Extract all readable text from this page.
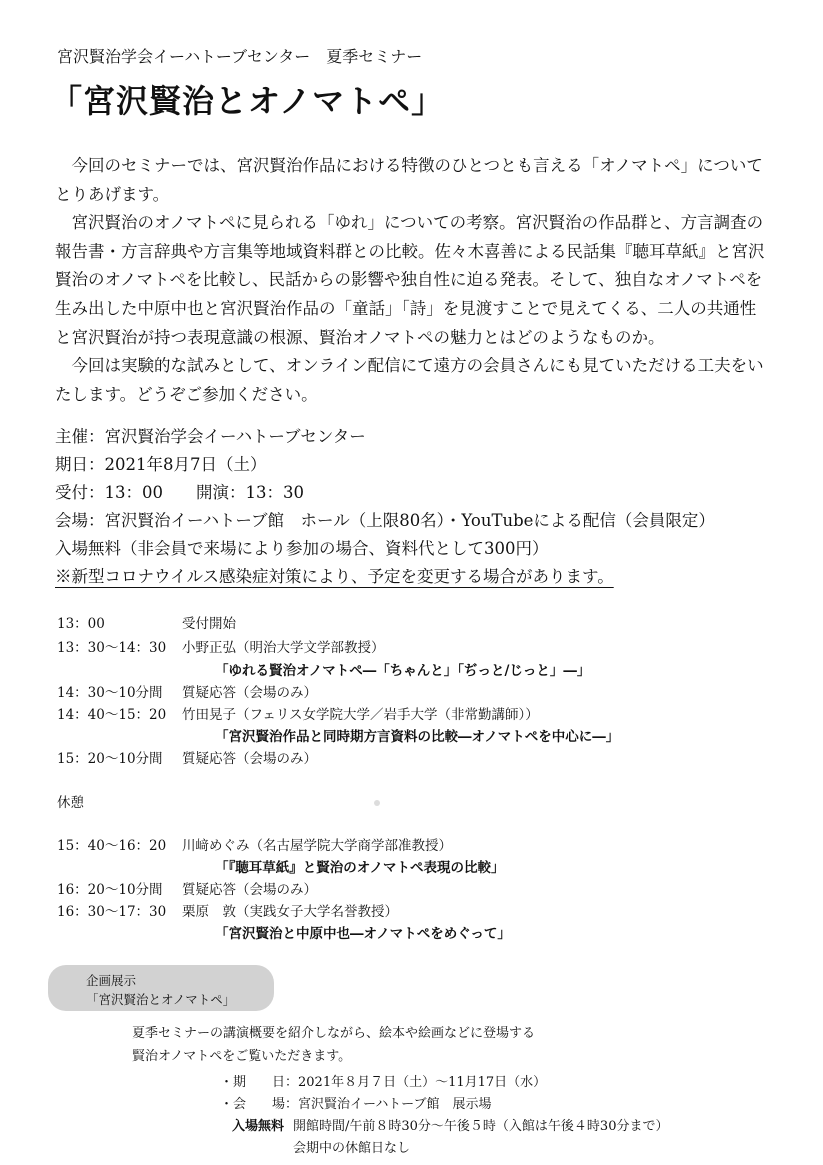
宮沢賢治学会イーハトーブセンター　夏季セミナー
「宮沢賢治とオノマトペ」

　今回のセミナーでは、宮沢賢治作品における特徴のひとつとも言える「オノマトペ」についてとりあげます。

　宮沢賢治のオノマトペに見られる「ゆれ」についての考察。宮沢賢治の作品群と、方言調査の報告書・方言辞典や方言集等地域資料群との比較。佐々木喜善による民話集『聴耳草紙』と宮沢賢治のオノマトペを比較し、民話からの影響や独自性に迫る発表。そして、独自なオノマトペを生み出した中原中也と宮沢賢治作品の「童話」「詩」を見渡すことで見えてくる、二人の共通性と宮沢賢治が持つ表現意識の根源、賢治オノマトペの魅力とはどのようなものか。

　今回は実験的な試みとして、オンライン配信にて遠方の会員さんにも見ていただける工夫をいたします。どうぞご参加ください。

主催：宮沢賢治学会イーハトーブセンター
期日：2021年8月7日（土）
受付：13：00　　開演：13：30
会場：宮沢賢治イーハトーブ館　ホール（上限80名）・YouTubeによる配信（会員限定）
入場無料（非会員で来場により参加の場合、資料代として300円）
※新型コロナウイルス感染症対策により、予定を変更する場合があります。
13：00	受付開始
13：30～14：30 小野正弘（明治大学文学部教授）
「ゆれる賢治オノマトペ―「ちゃんと」「ぢっと/じっと」―」
14：30～10分間 質疑応答（会場のみ）
14：40～15：20 竹田晃子（フェリス女学院大学／岩手大学（非常勤講師））
「宮沢賢治作品と同時期方言資料の比較―オノマトペを中心に―」
15：20～10分間 質疑応答（会場のみ）
休憩
15：40～16：20 川﨑めぐみ（名古屋学院大学商学部准教授）
「『聴耳草紙』と賢治のオノマトペ表現の比較」
16：20～10分間 質疑応答（会場のみ）
16：30～17：30 栗原　敦（実践女子大学名誉教授）
「宮沢賢治と中原中也―オノマトペをめぐって」
企画展示
「宮沢賢治とオノマトペ」
夏季セミナーの講演概要を紹介しながら、絵本や絵画などに登場する
賢治オノマトペをご覧いただきます。
・期　　日：2021年８月７日（土）～11月17日（水）
・会　　場：宮沢賢治イーハトーブ館　展示場
入場無料 開館時間/午前８時30分～午後５時（入館は午後４時30分まで）
会期中の休館日なし
